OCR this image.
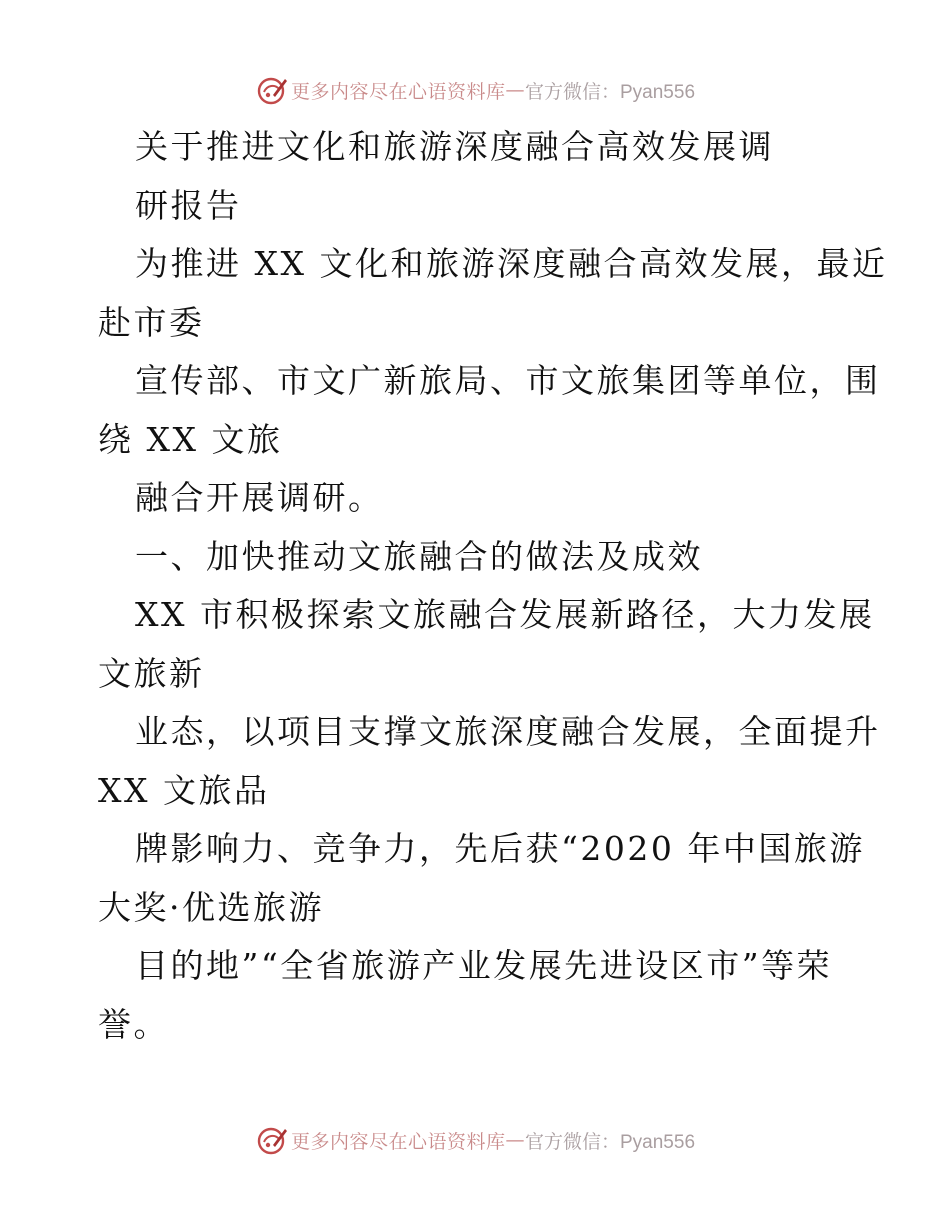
更多内容尽在心语资料库 — 官方微信：Pyan556
关于推进文化和旅游深度融合高效发展调
研报告
为推进 XX 文化和旅游深度融合高效发展，最近
赴市委
宣传部、市文广新旅局、市文旅集团等单位，围
绕 XX 文旅
融合开展调研。
一、加快推动文旅融合的做法及成效
XX 市积极探索文旅融合发展新路径，大力发展
文旅新
业态，以项目支撑文旅深度融合发展，全面提升
XX 文旅品
牌影响力、竞争力，先后获“2020 年中国旅游
大奖·优选旅游
目的地”“全省旅游产业发展先进设区市”等荣
誉。
更多内容尽在心语资料库 — 官方微信：Pyan556
